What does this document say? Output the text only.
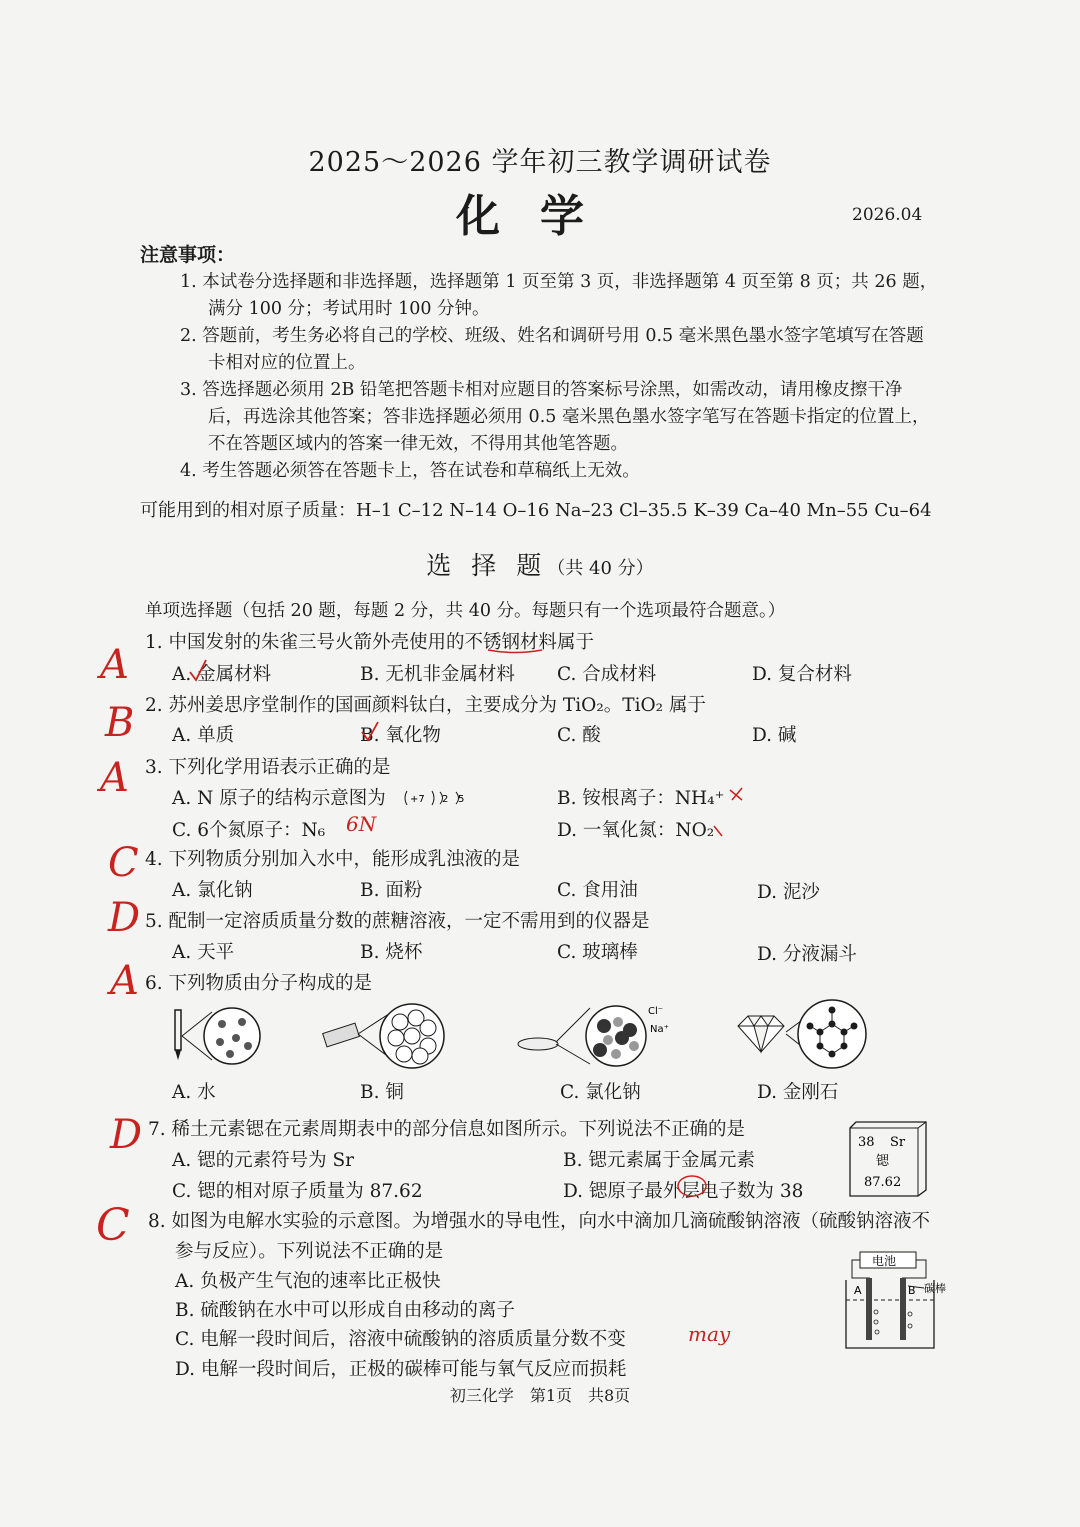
2025～2026 学年初三教学调研试卷
化学	2026.04
注意事项：
1. 本试卷分选择题和非选择题，选择题第 1 页至第 3 页，非选择题第 4 页至第 8 页；共 26 题，
满分 100 分；考试用时 100 分钟。
2. 答题前，考生务必将自己的学校、班级、姓名和调研号用 0.5 毫米黑色墨水签字笔填写在答题
卡相对应的位置上。
3. 答选择题必须用 2B 铅笔把答题卡相对应题目的答案标号涂黑，如需改动，请用橡皮擦干净
后，再选涂其他答案；答非选择题必须用 0.5 毫米黑色墨水签字笔写在答题卡指定的位置上，
不在答题区域内的答案一律无效，不得用其他笔答题。
4. 考生答题必须答在答题卡上，答在试卷和草稿纸上无效。
可能用到的相对原子质量：H–1 C–12 N–14 O–16 Na–23 Cl–35.5 K–39 Ca–40 Mn–55 Cu–64
选 择 题（共 40 分）
单项选择题（包括 20 题，每题 2 分，共 40 分。每题只有一个选项最符合题意。）
1. 中国发射的朱雀三号火箭外壳使用的不锈钢材料属于
A. 金属材料	B. 无机非金属材料 C. 合成材料	D. 复合材料
2. 苏州姜思序堂制作的国画颜料钛白，主要成分为 TiO₂。TiO₂ 属于
A. 单质	B. 氧化物	C. 酸	D. 碱
3. 下列化学用语表示正确的是
A. N 原子的结构示意图为 +7 2 5	B. 铵根离子：NH₄⁺
C. 6个氮原子：N₆	D. 一氧化氮：NO₂
4. 下列物质分别加入水中，能形成乳浊液的是
A. 氯化钠	B. 面粉	C. 食用油	D. 泥沙
5. 配制一定溶质质量分数的蔗糖溶液，一定不需用到的仪器是
A. 天平	B. 烧杯	C. 玻璃棒	D. 分液漏斗
6. 下列物质由分子构成的是
Cl⁻
Na⁺
A. 水	B. 铜	C. 氯化钠	D. 金刚石
7. 稀土元素锶在元素周期表中的部分信息如图所示。下列说法不正确的是
A. 锶的元素符号为 Sr	B. 锶元素属于金属元素
C. 锶的相对原子质量为 87.62	D. 锶原子最外层电子数为 38
38 Sr
锶
87.62
8. 如图为电解水实验的示意图。为增强水的导电性，向水中滴加几滴硫酸钠溶液（硫酸钠溶液不
参与反应）。下列说法不正确的是
A. 负极产生气泡的速率比正极快
B. 硫酸钠在水中可以形成自由移动的离子
C. 电解一段时间后，溶液中硫酸钠的溶质质量分数不变
D. 电解一段时间后，正极的碳棒可能与氧气反应而损耗
电池
A	B 碳棒
初三化学　第1页　共8页
A
B
A
C
D
A
D
C
6N
may
